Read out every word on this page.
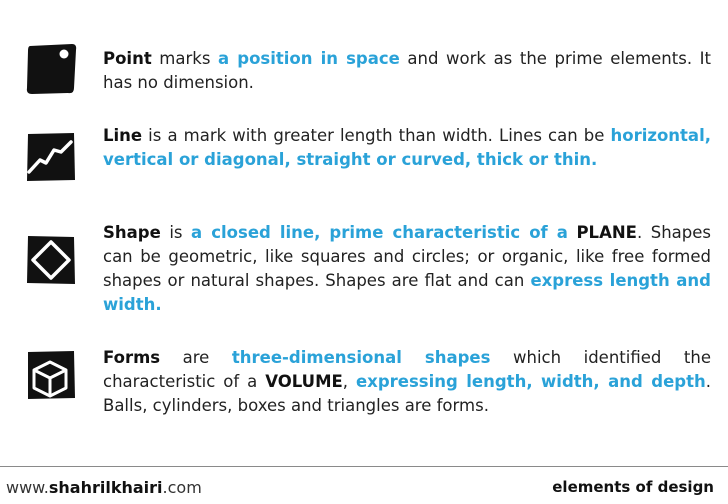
Point marks a position in space and work as the prime elements. It has no dimension.
Line is a mark with greater length than width. Lines can be horizontal, vertical or diagonal, straight or curved, thick or thin.
Shape is a closed line, prime characteristic of a PLANE. Shapes can be geometric, like squares and circles; or organic, like free formed shapes or natural shapes. Shapes are flat and can express length and width.
Forms are three-dimensional shapes which identified the characteristic of a VOLUME, expressing length, width, and depth. Balls, cylinders, boxes and triangles are forms.
www.shahrilkhairi.com	elements of design
